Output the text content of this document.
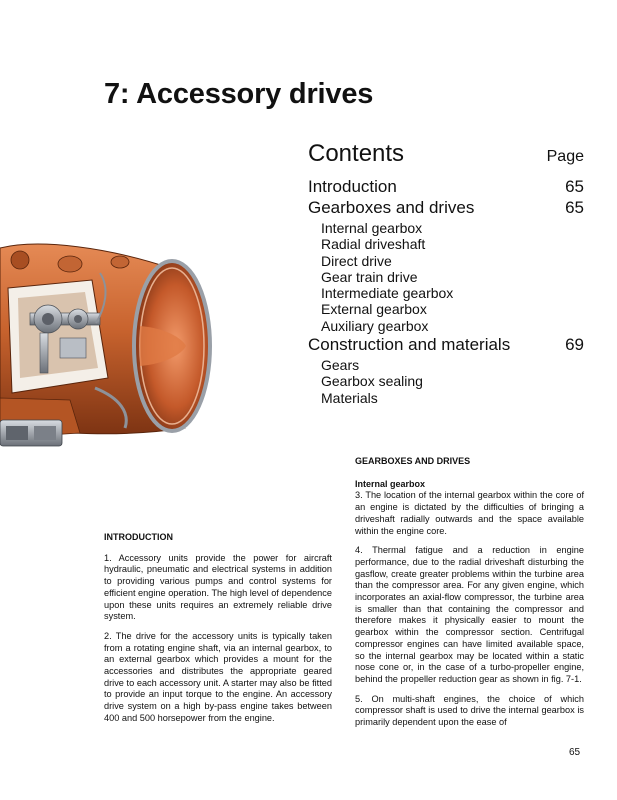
7: Accessory drives
Contents	Page
Introduction	65
Gearboxes and drives	65
Internal gearbox
Radial driveshaft
Direct drive
Gear train drive
Intermediate gearbox
External gearbox
Auxiliary gearbox
Construction and materials	69
Gears
Gearbox sealing
Materials
INTRODUCTION

1. Accessory units provide the power for aircraft hydraulic, pneumatic and electrical systems in addition to providing various pumps and control systems for efficient engine operation. The high level of dependence upon these units requires an extremely reliable drive system.

2. The drive for the accessory units is typically taken from a rotating engine shaft, via an internal gearbox, to an external gearbox which provides a mount for the accessories and distributes the appropriate geared drive to each accessory unit. A starter may also be fitted to provide an input torque to the engine. An accessory drive system on a high by-pass engine takes between 400 and 500 horsepower from the engine.

GEARBOXES AND DRIVES
Internal gearbox

3. The location of the internal gearbox within the core of an engine is dictated by the difficulties of bringing a driveshaft radially outwards and the space available within the engine core.

4. Thermal fatigue and a reduction in engine performance, due to the radial driveshaft disturbing the gasflow, create greater problems within the turbine area than the compressor area. For any given engine, which incorporates an axial-flow compressor, the turbine area is smaller than that containing the compressor and therefore makes it physically easier to mount the gearbox within the compressor section. Centrifugal compressor engines can have limited available space, so the internal gearbox may be located within a static nose cone or, in the case of a turbo-propeller engine, behind the propeller reduction gear as shown in fig. 7-1.

5. On multi-shaft engines, the choice of which compressor shaft is used to drive the internal gearbox is primarily dependent upon the ease of

65
